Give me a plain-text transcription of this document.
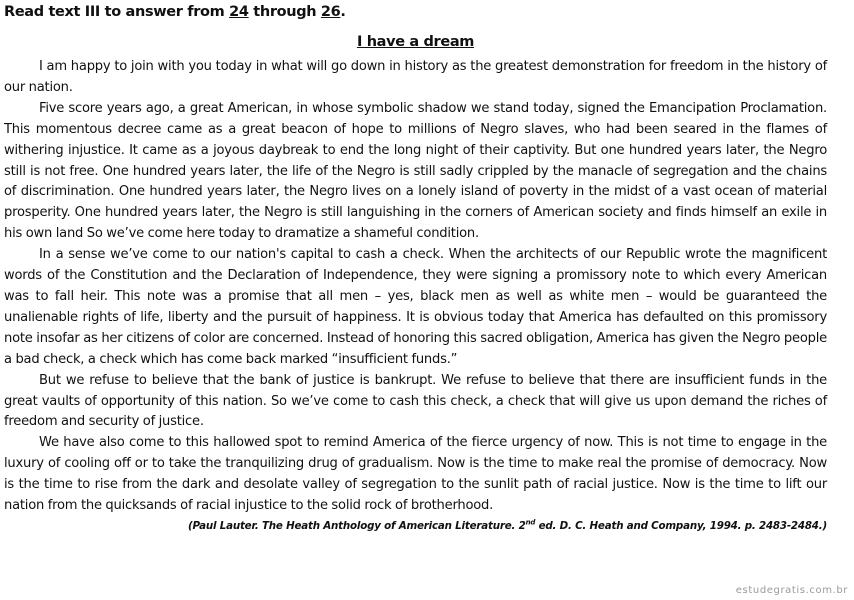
Read text III to answer from 24 through 26.

I have a dream

I am happy to join with you today in what will go down in history as the greatest demonstration for freedom in the history of our nation.

Five score years ago, a great American, in whose symbolic shadow we stand today, signed the Emancipation Proclamation. This momentous decree came as a great beacon of hope to millions of Negro slaves, who had been seared in the flames of withering injustice. It came as a joyous daybreak to end the long night of their captivity. But one hundred years later, the Negro still is not free. One hundred years later, the life of the Negro is still sadly crippled by the manacle of segregation and the chains of discrimination. One hundred years later, the Negro lives on a lonely island of poverty in the midst of a vast ocean of material prosperity. One hundred years later, the Negro is still languishing in the corners of American society and finds himself an exile in his own land So we’ve come here today to dramatize a shameful condition.

In a sense we’ve come to our nation's capital to cash a check. When the architects of our Republic wrote the magnificent words of the Constitution and the Declaration of Independence, they were signing a promissory note to which every American was to fall heir. This note was a promise that all men – yes, black men as well as white men – would be guaranteed the unalienable rights of life, liberty and the pursuit of happiness. It is obvious today that America has defaulted on this promissory note insofar as her citizens of color are concerned. Instead of honoring this sacred obligation, America has given the Negro people a bad check, a check which has come back marked “insufficient funds.”

But we refuse to believe that the bank of justice is bankrupt. We refuse to believe that there are insufficient funds in the great vaults of opportunity of this nation. So we’ve come to cash this check, a check that will give us upon demand the riches of freedom and security of justice.

We have also come to this hallowed spot to remind America of the fierce urgency of now. This is not time to engage in the luxury of cooling off or to take the tranquilizing drug of gradualism. Now is the time to make real the promise of democracy. Now is the time to rise from the dark and desolate valley of segregation to the sunlit path of racial justice. Now is the time to lift our nation from the quicksands of racial injustice to the solid rock of brotherhood.

(Paul Lauter. The Heath Anthology of American Literature. 2nd ed. D. C. Heath and Company, 1994. p. 2483-2484.)

estudegratis.com.br
